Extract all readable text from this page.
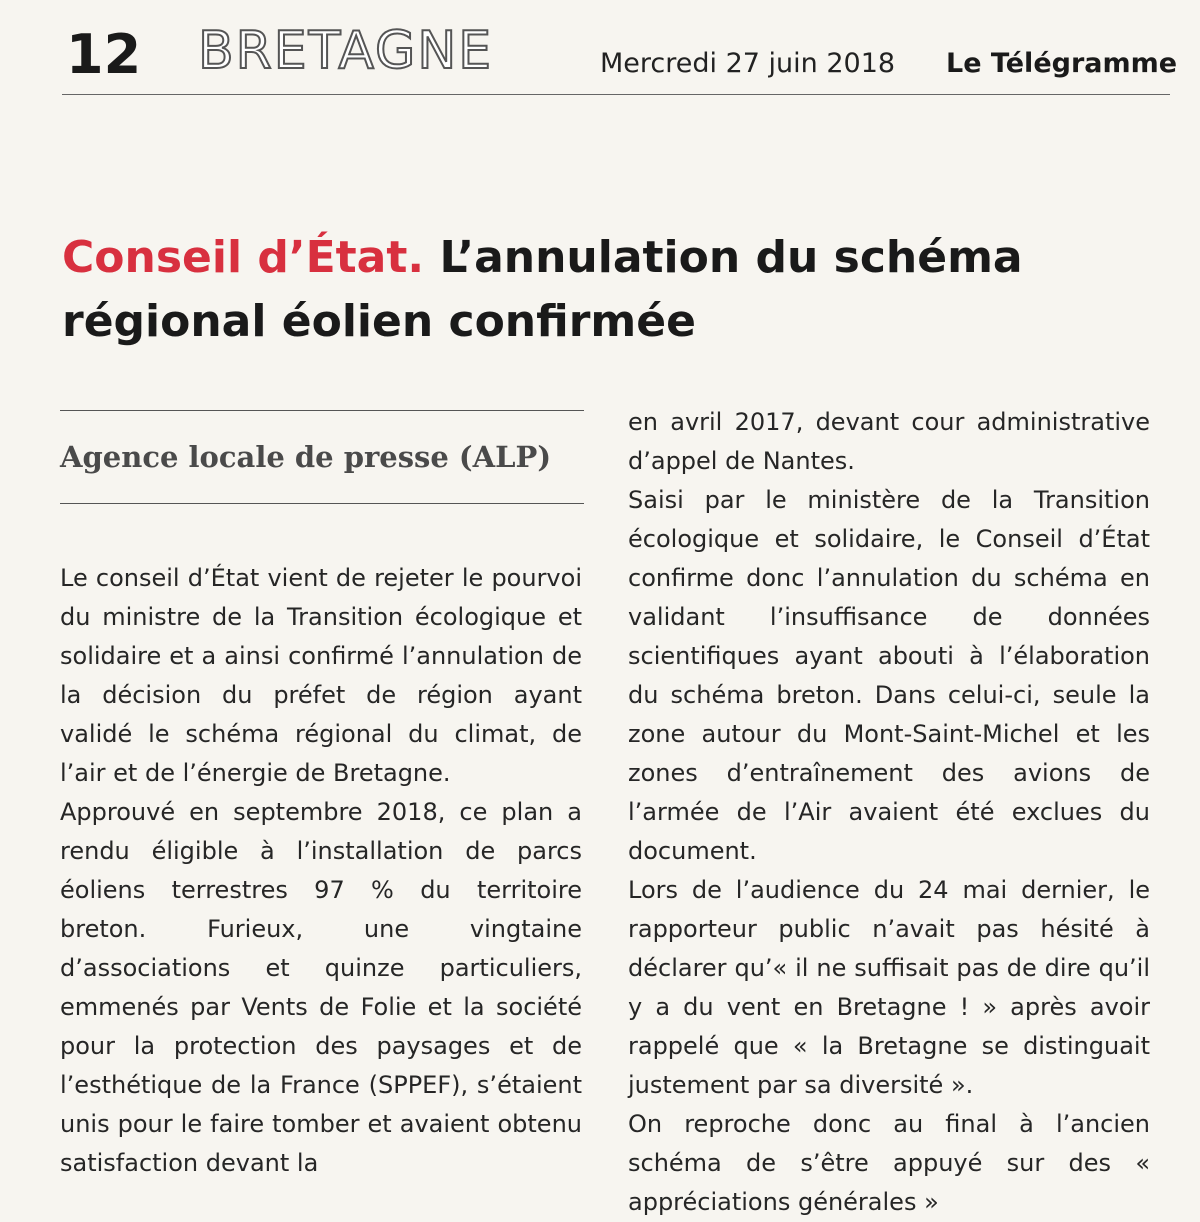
12 BRETAGNE	Mercredi 27 juin 2018 Le Télégramme
Conseil d’État. L’annulation du schéma régional éolien confirmée
Agence locale de presse (ALP)

Le conseil d’État vient de rejeter le pourvoi du ministre de la Transition écologique et solidaire et a ainsi confirmé l’annulation de la décision du préfet de région ayant validé le schéma régional du climat, de l’air et de l’énergie de Bretagne.

Approuvé en septembre 2018, ce plan a rendu éligible à l’installation de parcs éoliens terrestres 97 % du territoire breton. Furieux, une vingtaine d’associations et quinze particuliers, emmenés par Vents de Folie et la société pour la protection des paysages et de l’esthétique de la France (SPPEF), s’étaient unis pour le faire tomber et avaient obtenu satisfaction devant la

en avril 2017, devant cour administrative d’appel de Nantes.

Saisi par le ministère de la Transition écologique et solidaire, le Conseil d’État confirme donc l’annulation du schéma en validant l’insuffisance de données scientifiques ayant abouti à l’élaboration du schéma breton. Dans celui-ci, seule la zone autour du Mont-Saint-Michel et les zones d’entraînement des avions de l’armée de l’Air avaient été exclues du document.

Lors de l’audience du 24 mai dernier, le rapporteur public n’avait pas hésité à déclarer qu’« il ne suffisait pas de dire qu’il y a du vent en Bretagne ! » après avoir rappelé que « la Bretagne se distinguait justement par sa diversité ».

On reproche donc au final à l’ancien schéma de s’être appuyé sur des « appréciations générales »
